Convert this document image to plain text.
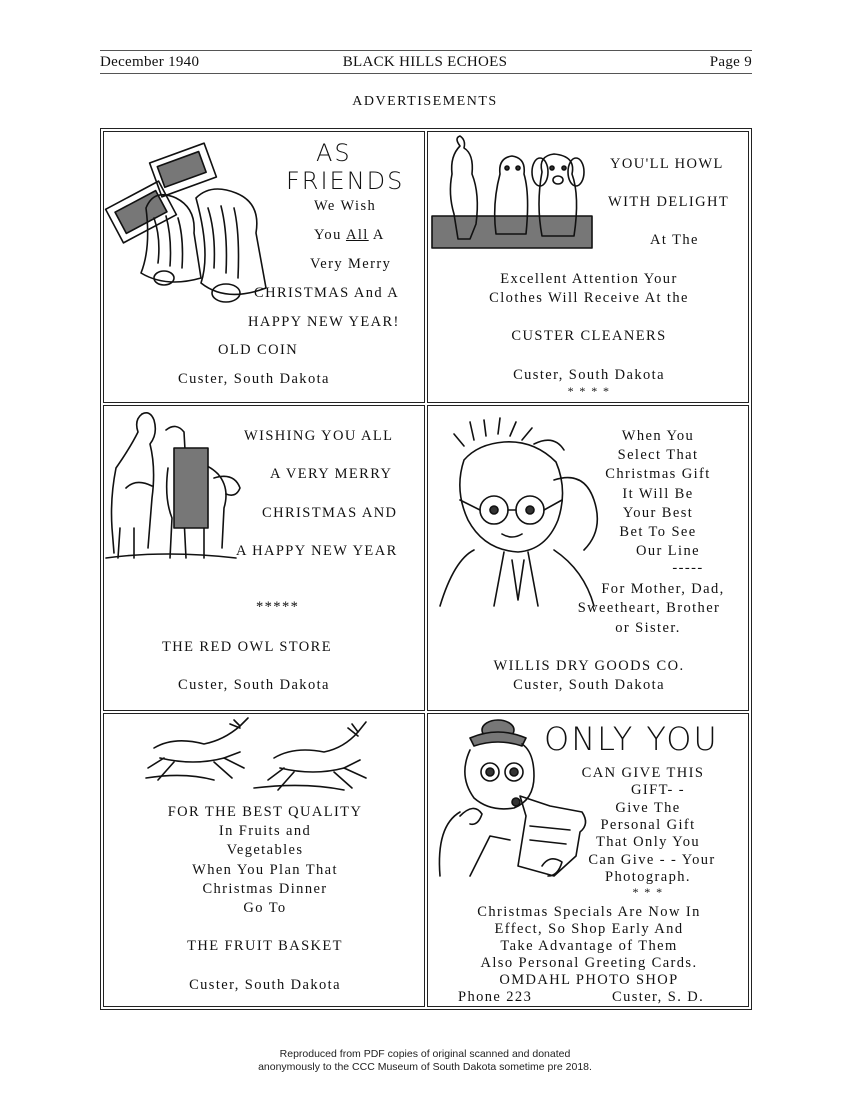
December 1940	BLACK HILLS ECHOES	Page 9
ADVERTISEMENTS
AS
FRIENDS
We Wish
You All A
Very Merry
CHRISTMAS And A
HAPPY NEW YEAR!
OLD COIN
Custer, South Dakota
YOU'LL HOWL
WITH DELIGHT
At The
Excellent Attention Your
Clothes Will Receive At the
CUSTER CLEANERS
Custer, South Dakota
* * * *
WISHING YOU ALL
A VERY MERRY
CHRISTMAS AND
A HAPPY NEW YEAR
*****
THE RED OWL STORE
Custer, South Dakota
When You
Select That
Christmas Gift
It Will Be
Your Best
Bet To See
Our Line
-----
For Mother, Dad,
Sweetheart, Brother
or Sister.
WILLIS DRY GOODS CO.
Custer, South Dakota
FOR THE BEST QUALITY
In Fruits and
Vegetables
When You Plan That
Christmas Dinner
Go To
THE FRUIT BASKET
Custer, South Dakota
ONLY YOU
CAN GIVE THIS
GIFT- -
Give The
Personal Gift
That Only You
Can Give - - Your
Photograph.
* * *
Christmas Specials Are Now In
Effect, So Shop Early And
Take Advantage of Them
Also Personal Greeting Cards.
OMDAHL PHOTO SHOP
Phone 223	Custer, S. D.
Reproduced from PDF copies of original scanned and donated
anonymously to the CCC Museum of South Dakota sometime pre 2018.
